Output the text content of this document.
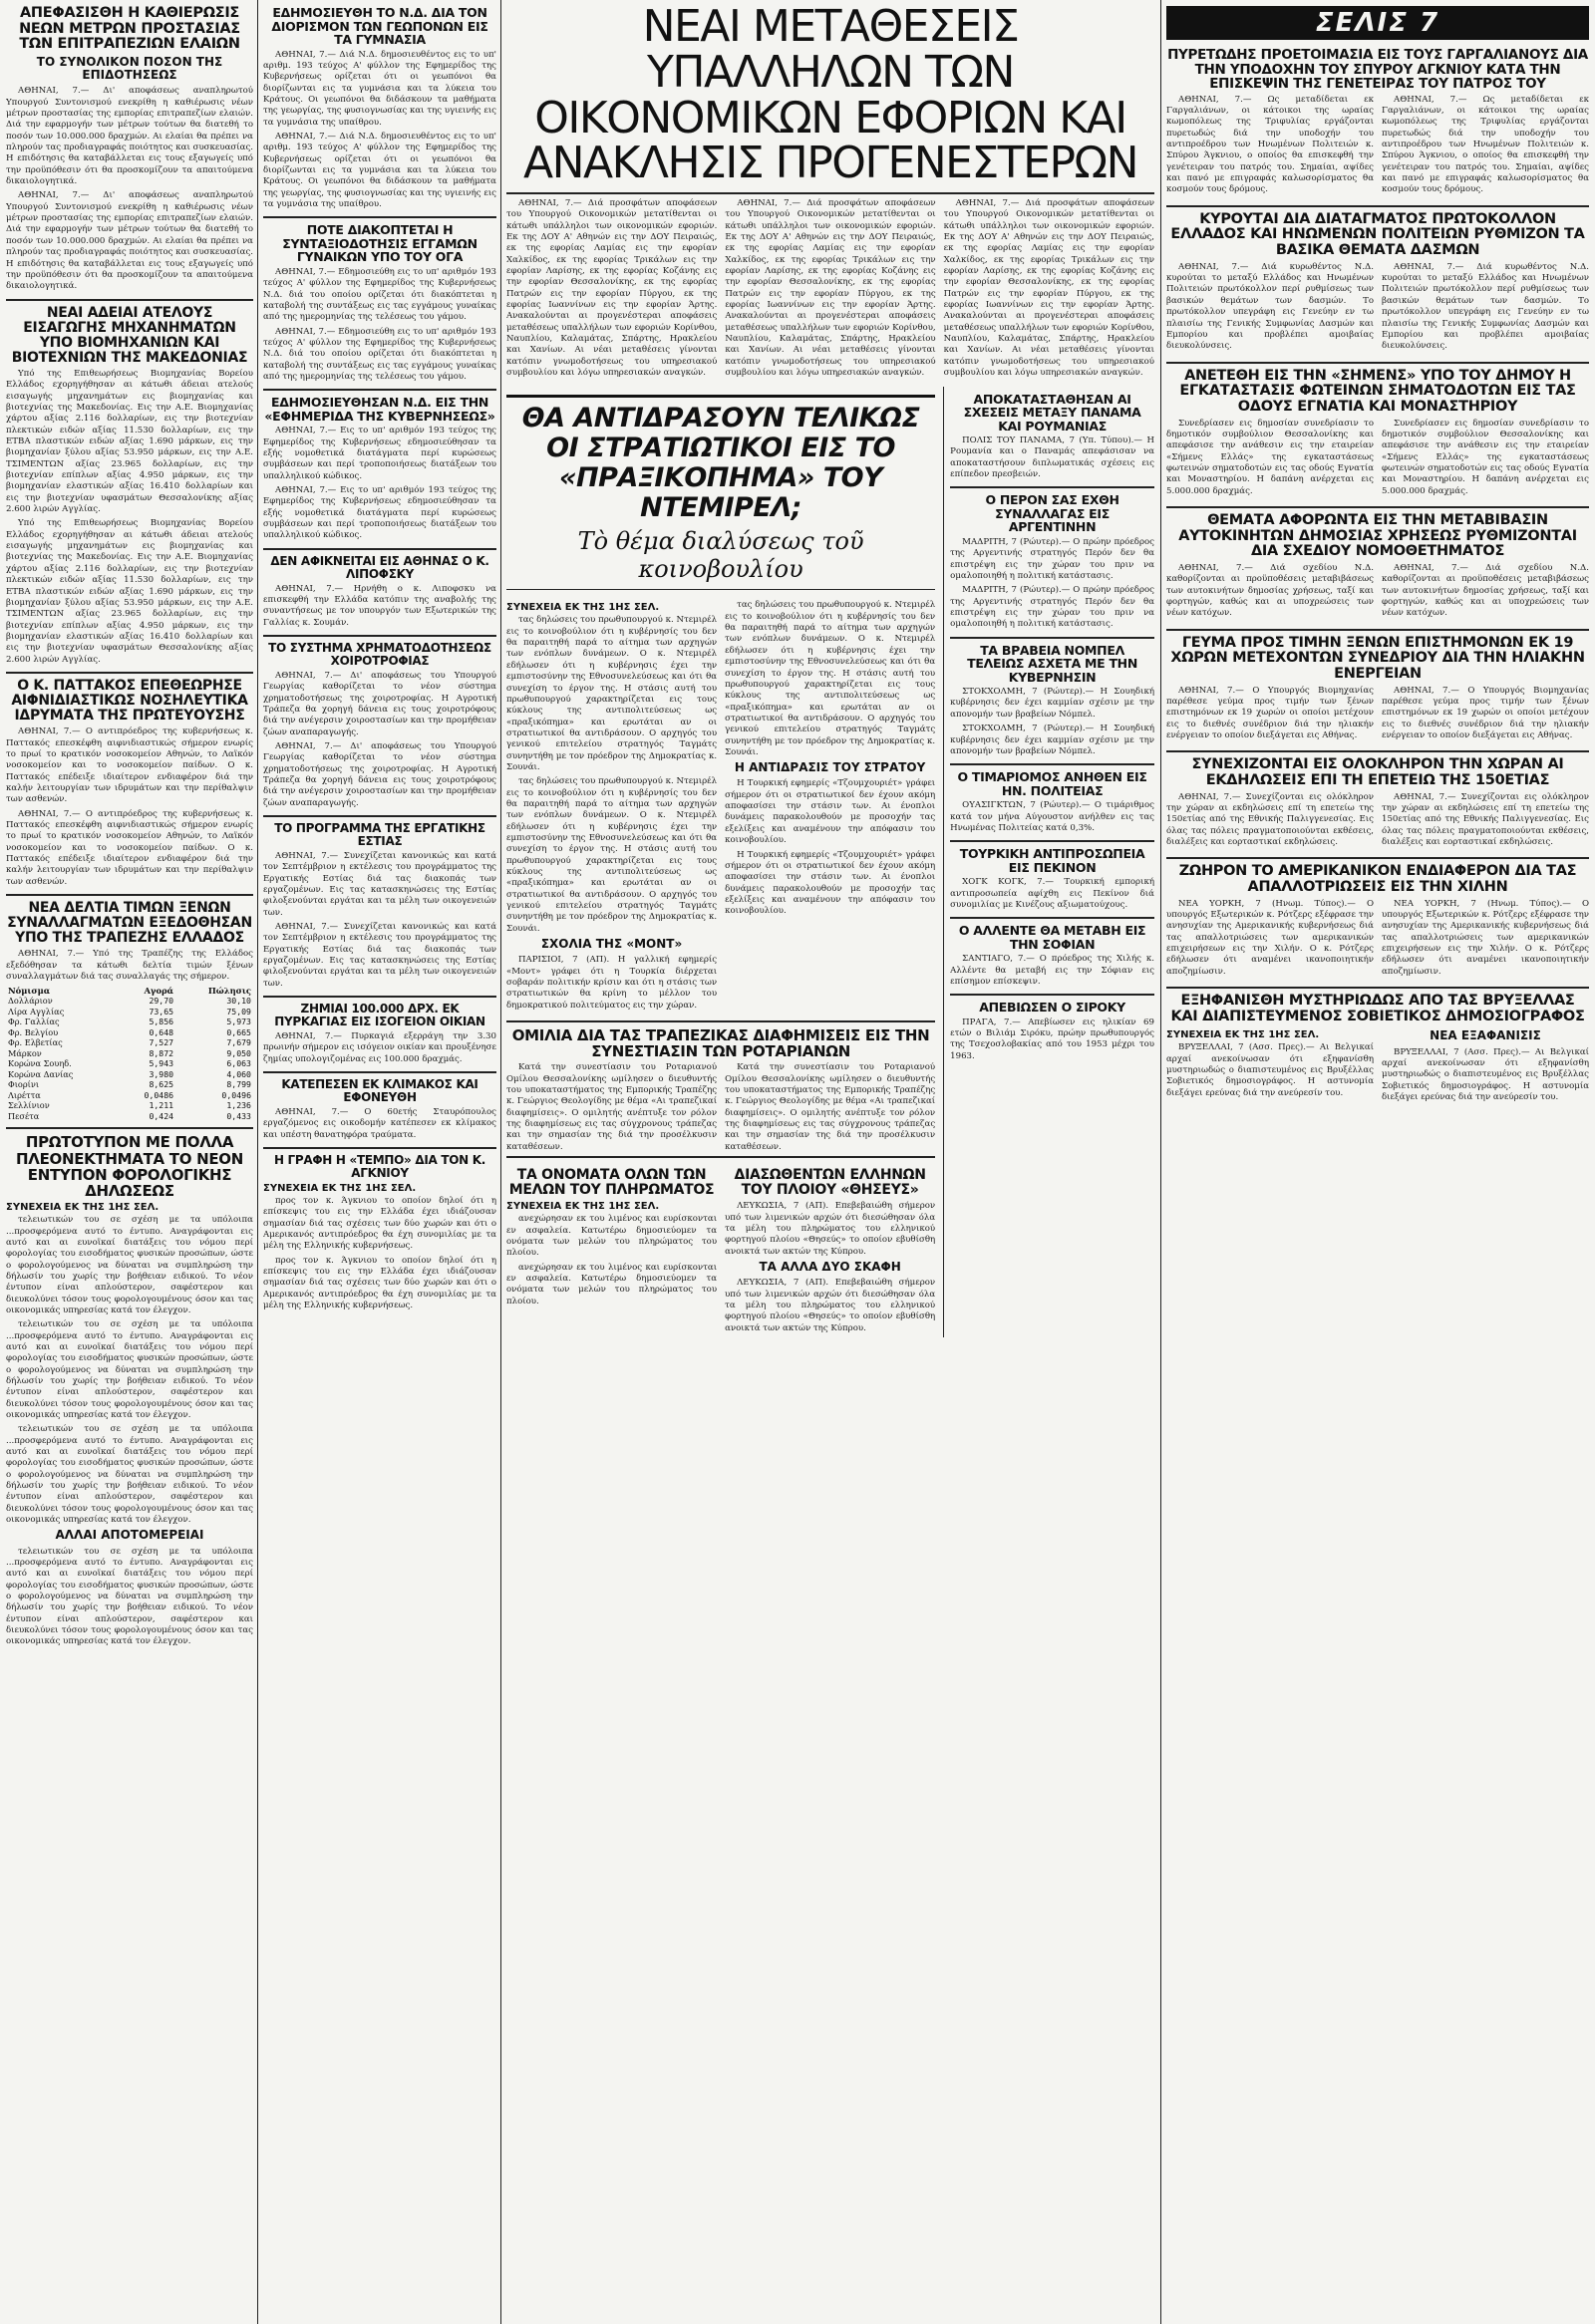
ΑΠΕΦΑΣΙΣΘΗ Η ΚΑΘΙΕΡΩΣΙΣ ΝΕΩΝ ΜΕΤΡΩΝ ΠΡΟΣΤΑΣΙΑΣ ΤΩΝ ΕΠΙΤΡΑΠΕΖΙΩΝ ΕΛΑΙΩΝ
ΤΟ ΣΥΝΟΛΙΚΟΝ ΠΟΣΟΝ ΤΗΣ ΕΠΙΔΟΤΗΣΕΩΣ

ΑΘΗΝΑΙ, 7.— Δι' αποφάσεως αναπληρωτού Υπουργού Συντονισμού ενεκρίθη η καθιέρωσις νέων μέτρων προστασίας της εμπορίας επιτραπεζίων ελαιών. Διά την εφαρμογήν των μέτρων τούτων θα διατεθή το ποσόν των 10.000.000 δραχμών. Αι ελαίαι θα πρέπει να πληρούν τας προδιαγραφάς ποιότητος και συσκευασίας. Η επιδότησις θα καταβάλλεται εις τους εξαγωγείς υπό την προϋπόθεσιν ότι θα προσκομίζουν τα απαιτούμενα δικαιολογητικά.

ΑΘΗΝΑΙ, 7.— Δι' αποφάσεως αναπληρωτού Υπουργού Συντονισμού ενεκρίθη η καθιέρωσις νέων μέτρων προστασίας της εμπορίας επιτραπεζίων ελαιών. Διά την εφαρμογήν των μέτρων τούτων θα διατεθή το ποσόν των 10.000.000 δραχμών. Αι ελαίαι θα πρέπει να πληρούν τας προδιαγραφάς ποιότητος και συσκευασίας. Η επιδότησις θα καταβάλλεται εις τους εξαγωγείς υπό την προϋπόθεσιν ότι θα προσκομίζουν τα απαιτούμενα δικαιολογητικά.

ΝΕΑΙ ΑΔΕΙΑΙ ΑΤΕΛΟΥΣ ΕΙΣΑΓΩΓΗΣ ΜΗΧΑΝΗΜΑΤΩΝ ΥΠΟ ΒΙΟΜΗΧΑΝΙΩΝ ΚΑΙ ΒΙΟΤΕΧΝΙΩΝ ΤΗΣ ΜΑΚΕΔΟΝΙΑΣ

Υπό της Επιθεωρήσεως Βιομηχανίας Βορείου Ελλάδος εχορηγήθησαν αι κάτωθι άδειαι ατελούς εισαγωγής μηχανημάτων εις βιομηχανίας και βιοτεχνίας της Μακεδονίας. Εις την Α.Ε. Βιομηχανίας χάρτου αξίας 2.116 δολλαρίων, εις την βιοτεχνίαν πλεκτικών ειδών αξίας 11.530 δολλαρίων, εις την ΕΤΒΑ πλαστικών ειδών αξίας 1.690 μάρκων, εις την βιομηχανίαν ξύλου αξίας 53.950 μάρκων, εις την Α.Ε. ΤΣΙΜΕΝΤΩΝ αξίας 23.965 δολλαρίων, εις την βιοτεχνίαν επίπλων αξίας 4.950 μάρκων, εις την βιομηχανίαν ελαστικών αξίας 16.410 δολλαρίων και εις την βιοτεχνίαν υφασμάτων Θεσσαλονίκης αξίας 2.600 λιρών Αγγλίας.

Υπό της Επιθεωρήσεως Βιομηχανίας Βορείου Ελλάδος εχορηγήθησαν αι κάτωθι άδειαι ατελούς εισαγωγής μηχανημάτων εις βιομηχανίας και βιοτεχνίας της Μακεδονίας. Εις την Α.Ε. Βιομηχανίας χάρτου αξίας 2.116 δολλαρίων, εις την βιοτεχνίαν πλεκτικών ειδών αξίας 11.530 δολλαρίων, εις την ΕΤΒΑ πλαστικών ειδών αξίας 1.690 μάρκων, εις την βιομηχανίαν ξύλου αξίας 53.950 μάρκων, εις την Α.Ε. ΤΣΙΜΕΝΤΩΝ αξίας 23.965 δολλαρίων, εις την βιοτεχνίαν επίπλων αξίας 4.950 μάρκων, εις την βιομηχανίαν ελαστικών αξίας 16.410 δολλαρίων και εις την βιοτεχνίαν υφασμάτων Θεσσαλονίκης αξίας 2.600 λιρών Αγγλίας.

Ο Κ. ΠΑΤΤΑΚΟΣ ΕΠΕΘΕΩΡΗΣΕ ΑΙΦΝΙΔΙΑΣΤΙΚΩΣ ΝΟΣΗΛΕΥΤΙΚΑ ΙΔΡΥΜΑΤΑ ΤΗΣ ΠΡΩΤΕΥΟΥΣΗΣ

ΑΘΗΝΑΙ, 7.— Ο αντιπρόεδρος της κυβερνήσεως κ. Παττακός επεσκέφθη αιφνιδιαστικώς σήμερον ενωρίς το πρωί το κρατικόν νοσοκομείον Αθηνών, το Λαϊκόν νοσοκομείον και το νοσοκομείον παίδων. Ο κ. Παττακός επέδειξε ιδιαίτερον ενδιαφέρον διά την καλήν λειτουργίαν των ιδρυμάτων και την περίθαλψιν των ασθενών.

ΑΘΗΝΑΙ, 7.— Ο αντιπρόεδρος της κυβερνήσεως κ. Παττακός επεσκέφθη αιφνιδιαστικώς σήμερον ενωρίς το πρωί το κρατικόν νοσοκομείον Αθηνών, το Λαϊκόν νοσοκομείον και το νοσοκομείον παίδων. Ο κ. Παττακός επέδειξε ιδιαίτερον ενδιαφέρον διά την καλήν λειτουργίαν των ιδρυμάτων και την περίθαλψιν των ασθενών.

ΝΕΑ ΔΕΛΤΙΑ ΤΙΜΩΝ ΞΕΝΩΝ ΣΥΝΑΛΛΑΓΜΑΤΩΝ ΕΞΕΔΟΘΗΣΑΝ ΥΠΟ ΤΗΣ ΤΡΑΠΕΖΗΣ ΕΛΛΑΔΟΣ

ΑΘΗΝΑΙ, 7.— Υπό της Τραπέζης της Ελλάδος εξεδόθησαν τα κάτωθι δελτία τιμών ξένων συναλλαγμάτων διά τας συναλλαγάς της σήμερον.

Νόμισμα	Αγορά	Πώλησις
Δολλάριον	29,70	30,10
Λίρα Αγγλίας	73,65	75,09
Φρ. Γαλλίας	5,856	5,973
Φρ. Βελγίου	0,648	0,665
Φρ. Ελβετίας	7,527	7,679
Μάρκον	8,872	9,050
Κορώνα Σουηδ.	5,943	6,063
Κορώνα Δανίας	3,980	4,060
Φιορίνι	8,625	8,799
Λιρέττα	0,0486	0,0496
Σελλίνιον	1,211	1,236
Πεσέτα	0,424	0,433
ΠΡΩΤΟΤΥΠΟΝ ΜΕ ΠΟΛΛΑ ΠΛΕΟΝΕΚΤΗΜΑΤΑ ΤΟ ΝΕΟΝ ΕΝΤΥΠΟΝ ΦΟΡΟΛΟΓΙΚΗΣ ΔΗΛΩΣΕΩΣ
ΣΥΝΕΧΕΙΑ ΕΚ ΤΗΣ 1ΗΣ ΣΕΛ.

τελειωτικών του σε σχέση με τα υπόλοιπα ...προσφερόμενα αυτό το έντυπο. Αναγράφονται εις αυτό και αι ευνοϊκαί διατάξεις του νόμου περί φορολογίας του εισοδήματος φυσικών προσώπων, ώστε ο φορολογούμενος να δύναται να συμπληρώση την δήλωσίν του χωρίς την βοήθειαν ειδικού. Το νέον έντυπον είναι απλούστερον, σαφέστερον και διευκολύνει τόσον τους φορολογουμένους όσον και τας οικονομικάς υπηρεσίας κατά τον έλεγχον.

τελειωτικών του σε σχέση με τα υπόλοιπα ...προσφερόμενα αυτό το έντυπο. Αναγράφονται εις αυτό και αι ευνοϊκαί διατάξεις του νόμου περί φορολογίας του εισοδήματος φυσικών προσώπων, ώστε ο φορολογούμενος να δύναται να συμπληρώση την δήλωσίν του χωρίς την βοήθειαν ειδικού. Το νέον έντυπον είναι απλούστερον, σαφέστερον και διευκολύνει τόσον τους φορολογουμένους όσον και τας οικονομικάς υπηρεσίας κατά τον έλεγχον.

τελειωτικών του σε σχέση με τα υπόλοιπα ...προσφερόμενα αυτό το έντυπο. Αναγράφονται εις αυτό και αι ευνοϊκαί διατάξεις του νόμου περί φορολογίας του εισοδήματος φυσικών προσώπων, ώστε ο φορολογούμενος να δύναται να συμπληρώση την δήλωσίν του χωρίς την βοήθειαν ειδικού. Το νέον έντυπον είναι απλούστερον, σαφέστερον και διευκολύνει τόσον τους φορολογουμένους όσον και τας οικονομικάς υπηρεσίας κατά τον έλεγχον.

ΑΛΛΑΙ ΑΠΟΤΟΜΕΡΕΙΑΙ

τελειωτικών του σε σχέση με τα υπόλοιπα ...προσφερόμενα αυτό το έντυπο. Αναγράφονται εις αυτό και αι ευνοϊκαί διατάξεις του νόμου περί φορολογίας του εισοδήματος φυσικών προσώπων, ώστε ο φορολογούμενος να δύναται να συμπληρώση την δήλωσίν του χωρίς την βοήθειαν ειδικού. Το νέον έντυπον είναι απλούστερον, σαφέστερον και διευκολύνει τόσον τους φορολογουμένους όσον και τας οικονομικάς υπηρεσίας κατά τον έλεγχον.

ΕΔΗΜΟΣΙΕΥΘΗ ΤΟ Ν.Δ. ΔΙΑ ΤΟΝ ΔΙΟΡΙΣΜΟΝ ΤΩΝ ΓΕΩΠΟΝΩΝ ΕΙΣ ΤΑ ΓΥΜΝΑΣΙΑ

ΑΘΗΝΑΙ, 7.— Διά Ν.Δ. δημοσιευθέντος εις το υπ' αριθμ. 193 τεύχος Α' φύλλον της Εφημερίδος της Κυβερνήσεως ορίζεται ότι οι γεωπόνοι θα διορίζωνται εις τα γυμνάσια και τα λύκεια του Κράτους. Οι γεωπόνοι θα διδάσκουν τα μαθήματα της γεωργίας, της φυσιογνωσίας και της υγιεινής εις τα γυμνάσια της υπαίθρου.

ΑΘΗΝΑΙ, 7.— Διά Ν.Δ. δημοσιευθέντος εις το υπ' αριθμ. 193 τεύχος Α' φύλλον της Εφημερίδος της Κυβερνήσεως ορίζεται ότι οι γεωπόνοι θα διορίζωνται εις τα γυμνάσια και τα λύκεια του Κράτους. Οι γεωπόνοι θα διδάσκουν τα μαθήματα της γεωργίας, της φυσιογνωσίας και της υγιεινής εις τα γυμνάσια της υπαίθρου.

ΠΟΤΕ ΔΙΑΚΟΠΤΕΤΑΙ Η ΣΥΝΤΑΞΙΟΔΟΤΗΣΙΣ ΕΓΓΑΜΩΝ ΓΥΝΑΙΚΩΝ ΥΠΟ ΤΟΥ ΟΓΑ

ΑΘΗΝΑΙ, 7.— Εδημοσιεύθη εις το υπ' αριθμόν 193 τεύχος Α' φύλλον της Εφημερίδος της Κυβερνήσεως Ν.Δ. διά του οποίου ορίζεται ότι διακόπτεται η καταβολή της συντάξεως εις τας εγγάμους γυναίκας από της ημερομηνίας της τελέσεως του γάμου.

ΑΘΗΝΑΙ, 7.— Εδημοσιεύθη εις το υπ' αριθμόν 193 τεύχος Α' φύλλον της Εφημερίδος της Κυβερνήσεως Ν.Δ. διά του οποίου ορίζεται ότι διακόπτεται η καταβολή της συντάξεως εις τας εγγάμους γυναίκας από της ημερομηνίας της τελέσεως του γάμου.

ΕΔΗΜΟΣΙΕΥΘΗΣΑΝ Ν.Δ. ΕΙΣ ΤΗΝ «ΕΦΗΜΕΡΙΔΑ ΤΗΣ ΚΥΒΕΡΝΗΣΕΩΣ»

ΑΘΗΝΑΙ, 7.— Εις το υπ' αριθμόν 193 τεύχος της Εφημερίδος της Κυβερνήσεως εδημοσιεύθησαν τα εξής νομοθετικά διατάγματα περί κυρώσεως συμβάσεων και περί τροποποιήσεως διατάξεων του υπαλληλικού κώδικος.

ΑΘΗΝΑΙ, 7.— Εις το υπ' αριθμόν 193 τεύχος της Εφημερίδος της Κυβερνήσεως εδημοσιεύθησαν τα εξής νομοθετικά διατάγματα περί κυρώσεως συμβάσεων και περί τροποποιήσεως διατάξεων του υπαλληλικού κώδικος.

ΔΕΝ ΑΦΙΚΝΕΙΤΑΙ ΕΙΣ ΑΘΗΝΑΣ Ο Κ. ΛΙΠΟΦΣΚΥ

ΑΘΗΝΑΙ, 7.— Ηρνήθη ο κ. Λιποφσκυ να επισκεφθή την Ελλάδα κατόπιν της αναβολής της συναντήσεως με τον υπουργόν των Εξωτερικών της Γαλλίας κ. Σουμάν.

ΤΟ ΣΥΣΤΗΜΑ ΧΡΗΜΑΤΟΔΟΤΗΣΕΩΣ ΧΟΙΡΟΤΡΟΦΙΑΣ

ΑΘΗΝΑΙ, 7.— Δι' αποφάσεως του Υπουργού Γεωργίας καθορίζεται το νέον σύστημα χρηματοδοτήσεως της χοιροτροφίας. Η Αγροτική Τράπεζα θα χορηγή δάνεια εις τους χοιροτρόφους διά την ανέγερσιν χοιροστασίων και την προμήθειαν ζώων αναπαραγωγής.

ΑΘΗΝΑΙ, 7.— Δι' αποφάσεως του Υπουργού Γεωργίας καθορίζεται το νέον σύστημα χρηματοδοτήσεως της χοιροτροφίας. Η Αγροτική Τράπεζα θα χορηγή δάνεια εις τους χοιροτρόφους διά την ανέγερσιν χοιροστασίων και την προμήθειαν ζώων αναπαραγωγής.

ΤΟ ΠΡΟΓΡΑΜΜΑ ΤΗΣ ΕΡΓΑΤΙΚΗΣ ΕΣΤΙΑΣ

ΑΘΗΝΑΙ, 7.— Συνεχίζεται κανονικώς και κατά τον Σεπτέμβριον η εκτέλεσις του προγράμματος της Εργατικής Εστίας διά τας διακοπάς των εργαζομένων. Εις τας κατασκηνώσεις της Εστίας φιλοξενούνται εργάται και τα μέλη των οικογενειών των.

ΑΘΗΝΑΙ, 7.— Συνεχίζεται κανονικώς και κατά τον Σεπτέμβριον η εκτέλεσις του προγράμματος της Εργατικής Εστίας διά τας διακοπάς των εργαζομένων. Εις τας κατασκηνώσεις της Εστίας φιλοξενούνται εργάται και τα μέλη των οικογενειών των.

ΖΗΜΙΑΙ 100.000 ΔΡΧ. ΕΚ ΠΥΡΚΑΓΙΑΣ ΕΙΣ ΙΣΟΓΕΙΟΝ ΟΙΚΙΑΝ

ΑΘΗΝΑΙ, 7.— Πυρκαγιά εξερράγη την 3.30 πρωινήν σήμερον εις ισόγειον οικίαν και προυξένησε ζημίας υπολογιζομένας εις 100.000 δραχμάς.

ΚΑΤΕΠΕΣΕΝ ΕΚ ΚΛΙΜΑΚΟΣ ΚΑΙ ΕΦΟΝΕΥΘΗ

ΑΘΗΝΑΙ, 7.— Ο 60ετής Σταυρόπουλος εργαζόμενος εις οικοδομήν κατέπεσεν εκ κλίμακος και υπέστη θανατηφόρα τραύματα.

Η ΓΡΑΦΗ Η «ΤΕΜΠΟ» ΔΙΑ ΤΟΝ Κ. ΑΓΚΝΙΟΥ
ΣΥΝΕΧΕΙΑ ΕΚ ΤΗΣ 1ΗΣ ΣΕΛ.

προς τον κ. Άγκνιου το οποίον δηλοί ότι η επίσκεψις του εις την Ελλάδα έχει ιδιάζουσαν σημασίαν διά τας σχέσεις των δύο χωρών και ότι ο Αμερικανός αντιπρόεδρος θα έχη συνομιλίας με τα μέλη της Ελληνικής κυβερνήσεως.

προς τον κ. Άγκνιου το οποίον δηλοί ότι η επίσκεψις του εις την Ελλάδα έχει ιδιάζουσαν σημασίαν διά τας σχέσεις των δύο χωρών και ότι ο Αμερικανός αντιπρόεδρος θα έχη συνομιλίας με τα μέλη της Ελληνικής κυβερνήσεως.

ΝΕΑΙ ΜΕΤΑΘΕΣΕΙΣ ΥΠΑΛΛΗΛΩΝ ΤΩΝ ΟΙΚΟΝΟΜΙΚΩΝ ΕΦΟΡΙΩΝ ΚΑΙ ΑΝΑΚΛΗΣΙΣ ΠΡΟΓΕΝΕΣΤΕΡΩΝ

ΑΘΗΝΑΙ, 7.— Διά προσφάτων αποφάσεων του Υπουργού Οικονομικών μετατίθενται οι κάτωθι υπάλληλοι των οικονομικών εφοριών. Εκ της ΔΟΥ Α' Αθηνών εις την ΔΟΥ Πειραιώς, εκ της εφορίας Λαμίας εις την εφορίαν Χαλκίδος, εκ της εφορίας Τρικάλων εις την εφορίαν Λαρίσης, εκ της εφορίας Κοζάνης εις την εφορίαν Θεσσαλονίκης, εκ της εφορίας Πατρών εις την εφορίαν Πύργου, εκ της εφορίας Ιωαννίνων εις την εφορίαν Άρτης. Ανακαλούνται αι προγενέστεραι αποφάσεις μεταθέσεως υπαλλήλων των εφοριών Κορίνθου, Ναυπλίου, Καλαμάτας, Σπάρτης, Ηρακλείου και Χανίων. Αι νέαι μεταθέσεις γίνονται κατόπιν γνωμοδοτήσεως του υπηρεσιακού συμβουλίου και λόγω υπηρεσιακών αναγκών.

ΑΘΗΝΑΙ, 7.— Διά προσφάτων αποφάσεων του Υπουργού Οικονομικών μετατίθενται οι κάτωθι υπάλληλοι των οικονομικών εφοριών. Εκ της ΔΟΥ Α' Αθηνών εις την ΔΟΥ Πειραιώς, εκ της εφορίας Λαμίας εις την εφορίαν Χαλκίδος, εκ της εφορίας Τρικάλων εις την εφορίαν Λαρίσης, εκ της εφορίας Κοζάνης εις την εφορίαν Θεσσαλονίκης, εκ της εφορίας Πατρών εις την εφορίαν Πύργου, εκ της εφορίας Ιωαννίνων εις την εφορίαν Άρτης. Ανακαλούνται αι προγενέστεραι αποφάσεις μεταθέσεως υπαλλήλων των εφοριών Κορίνθου, Ναυπλίου, Καλαμάτας, Σπάρτης, Ηρακλείου και Χανίων. Αι νέαι μεταθέσεις γίνονται κατόπιν γνωμοδοτήσεως του υπηρεσιακού συμβουλίου και λόγω υπηρεσιακών αναγκών.

ΑΘΗΝΑΙ, 7.— Διά προσφάτων αποφάσεων του Υπουργού Οικονομικών μετατίθενται οι κάτωθι υπάλληλοι των οικονομικών εφοριών. Εκ της ΔΟΥ Α' Αθηνών εις την ΔΟΥ Πειραιώς, εκ της εφορίας Λαμίας εις την εφορίαν Χαλκίδος, εκ της εφορίας Τρικάλων εις την εφορίαν Λαρίσης, εκ της εφορίας Κοζάνης εις την εφορίαν Θεσσαλονίκης, εκ της εφορίας Πατρών εις την εφορίαν Πύργου, εκ της εφορίας Ιωαννίνων εις την εφορίαν Άρτης. Ανακαλούνται αι προγενέστεραι αποφάσεις μεταθέσεως υπαλλήλων των εφοριών Κορίνθου, Ναυπλίου, Καλαμάτας, Σπάρτης, Ηρακλείου και Χανίων. Αι νέαι μεταθέσεις γίνονται κατόπιν γνωμοδοτήσεως του υπηρεσιακού συμβουλίου και λόγω υπηρεσιακών αναγκών.

ΘΑ ΑΝΤΙΔΡΑΣΟΥΝ ΤΕΛΙΚΩΣ ΟΙ ΣΤΡΑΤΙΩΤΙΚΟΙ ΕΙΣ ΤΟ «ΠΡΑΞΙΚΟΠΗΜΑ» ΤΟΥ ΝΤΕΜΙΡΕΛ;
Τὸ θέμα διαλύσεως τοῦ κοινοβουλίου
ΣΥΝΕΧΕΙΑ ΕΚ ΤΗΣ 1ΗΣ ΣΕΛ.

τας δηλώσεις του πρωθυπουργού κ. Ντεμιρέλ εις το κοινοβούλιον ότι η κυβέρνησίς του δεν θα παραιτηθή παρά το αίτημα των αρχηγών των ενόπλων δυνάμεων. Ο κ. Ντεμιρέλ εδήλωσεν ότι η κυβέρνησις έχει την εμπιστοσύνην της Εθνοσυνελεύσεως και ότι θα συνεχίση το έργον της. Η στάσις αυτή του πρωθυπουργού χαρακτηρίζεται εις τους κύκλους της αντιπολιτεύσεως ως «πραξικόπημα» και ερωτάται αν οι στρατιωτικοί θα αντιδράσουν. Ο αρχηγός του γενικού επιτελείου στρατηγός Ταγμάτς συνηντήθη με τον πρόεδρον της Δημοκρατίας κ. Σουνάι.

τας δηλώσεις του πρωθυπουργού κ. Ντεμιρέλ εις το κοινοβούλιον ότι η κυβέρνησίς του δεν θα παραιτηθή παρά το αίτημα των αρχηγών των ενόπλων δυνάμεων. Ο κ. Ντεμιρέλ εδήλωσεν ότι η κυβέρνησις έχει την εμπιστοσύνην της Εθνοσυνελεύσεως και ότι θα συνεχίση το έργον της. Η στάσις αυτή του πρωθυπουργού χαρακτηρίζεται εις τους κύκλους της αντιπολιτεύσεως ως «πραξικόπημα» και ερωτάται αν οι στρατιωτικοί θα αντιδράσουν. Ο αρχηγός του γενικού επιτελείου στρατηγός Ταγμάτς συνηντήθη με τον πρόεδρον της Δημοκρατίας κ. Σουνάι.

ΣΧΟΛΙΑ ΤΗΣ «ΜΟΝΤ»

ΠΑΡΙΣΙΟΙ, 7 (ΑΠ). Η γαλλική εφημερίς «Μοντ» γράφει ότι η Τουρκία διέρχεται σοβαράν πολιτικήν κρίσιν και ότι η στάσις των στρατιωτικών θα κρίνη το μέλλον του δημοκρατικού πολιτεύματος εις την χώραν.

τας δηλώσεις του πρωθυπουργού κ. Ντεμιρέλ εις το κοινοβούλιον ότι η κυβέρνησίς του δεν θα παραιτηθή παρά το αίτημα των αρχηγών των ενόπλων δυνάμεων. Ο κ. Ντεμιρέλ εδήλωσεν ότι η κυβέρνησις έχει την εμπιστοσύνην της Εθνοσυνελεύσεως και ότι θα συνεχίση το έργον της. Η στάσις αυτή του πρωθυπουργού χαρακτηρίζεται εις τους κύκλους της αντιπολιτεύσεως ως «πραξικόπημα» και ερωτάται αν οι στρατιωτικοί θα αντιδράσουν. Ο αρχηγός του γενικού επιτελείου στρατηγός Ταγμάτς συνηντήθη με τον πρόεδρον της Δημοκρατίας κ. Σουνάι.

Η ΑΝΤΙΔΡΑΣΙΣ ΤΟΥ ΣΤΡΑΤΟΥ

Η Τουρκική εφημερίς «Τζουμχουριέτ» γράφει σήμερον ότι οι στρατιωτικοί δεν έχουν ακόμη αποφασίσει την στάσιν των. Αι ένοπλοι δυνάμεις παρακολουθούν με προσοχήν τας εξελίξεις και αναμένουν την απόφασιν του κοινοβουλίου.

Η Τουρκική εφημερίς «Τζουμχουριέτ» γράφει σήμερον ότι οι στρατιωτικοί δεν έχουν ακόμη αποφασίσει την στάσιν των. Αι ένοπλοι δυνάμεις παρακολουθούν με προσοχήν τας εξελίξεις και αναμένουν την απόφασιν του κοινοβουλίου.

ΟΜΙΛΙΑ ΔΙΑ ΤΑΣ ΤΡΑΠΕΖΙΚΑΣ ΔΙΑΦΗΜΙΣΕΙΣ ΕΙΣ ΤΗΝ ΣΥΝΕΣΤΙΑΣΙΝ ΤΩΝ ΡΟΤΑΡΙΑΝΩΝ

Κατά την συνεστίασιν του Ροταριανού Ομίλου Θεσσαλονίκης ωμίλησεν ο διευθυντής του υποκαταστήματος της Εμπορικής Τραπέζης κ. Γεώργιος Θεολογίδης με θέμα «Αι τραπεζικαί διαφημίσεις». Ο ομιλητής ανέπτυξε τον ρόλον της διαφημίσεως εις τας σύγχρονους τράπεζας και την σημασίαν της διά την προσέλκυσιν καταθέσεων.

Κατά την συνεστίασιν του Ροταριανού Ομίλου Θεσσαλονίκης ωμίλησεν ο διευθυντής του υποκαταστήματος της Εμπορικής Τραπέζης κ. Γεώργιος Θεολογίδης με θέμα «Αι τραπεζικαί διαφημίσεις». Ο ομιλητής ανέπτυξε τον ρόλον της διαφημίσεως εις τας σύγχρονους τράπεζας και την σημασίαν της διά την προσέλκυσιν καταθέσεων.

ΤΑ ΟΝΟΜΑΤΑ ΟΛΩΝ ΤΩΝ ΜΕΛΩΝ ΤΟΥ ΠΛΗΡΩΜΑΤΟΣ
ΣΥΝΕΧΕΙΑ ΕΚ ΤΗΣ 1ΗΣ ΣΕΛ.

ανεχώρησαν εκ του λιμένος και ευρίσκονται εν ασφαλεία. Κατωτέρω δημοσιεύομεν τα ονόματα των μελών του πληρώματος του πλοίου.

ανεχώρησαν εκ του λιμένος και ευρίσκονται εν ασφαλεία. Κατωτέρω δημοσιεύομεν τα ονόματα των μελών του πληρώματος του πλοίου.

ΔΙΑΣΩΘΕΝΤΩΝ ΕΛΛΗΝΩΝ ΤΟΥ ΠΛΟΙΟΥ «ΘΗΣΕΥΣ»

ΛΕΥΚΩΣΙΑ, 7 (ΑΠ). Επεβεβαιώθη σήμερον υπό των λιμενικών αρχών ότι διεσώθησαν όλα τα μέλη του πληρώματος του ελληνικού φορτηγού πλοίου «Θησεύς» το οποίον εβυθίσθη ανοικτά των ακτών της Κύπρου.

ΤΑ ΑΛΛΑ ΔΥΟ ΣΚΑΦΗ

ΛΕΥΚΩΣΙΑ, 7 (ΑΠ). Επεβεβαιώθη σήμερον υπό των λιμενικών αρχών ότι διεσώθησαν όλα τα μέλη του πληρώματος του ελληνικού φορτηγού πλοίου «Θησεύς» το οποίον εβυθίσθη ανοικτά των ακτών της Κύπρου.

ΑΠΟΚΑΤΑΣΤΑΘΗΣΑΝ ΑΙ ΣΧΕΣΕΙΣ ΜΕΤΑΞΥ ΠΑΝΑΜΑ ΚΑΙ ΡΟΥΜΑΝΙΑΣ

ΠΟΛΙΣ ΤΟΥ ΠΑΝΑΜΑ, 7 (Υπ. Τύπου).— Η Ρουμανία και ο Παναμάς απεφάσισαν να αποκαταστήσουν διπλωματικάς σχέσεις εις επίπεδον πρεσβειών.

Ο ΠΕΡΟΝ ΣΑΣ ΕΧΘΗ ΣΥΝΑΛΛΑΓΑΣ ΕΙΣ ΑΡΓΕΝΤΙΝΗΝ

ΜΑΔΡΙΤΗ, 7 (Ρώυτερ).— Ο πρώην πρόεδρος της Αργεντινής στρατηγός Περόν δεν θα επιστρέψη εις την χώραν του πριν να ομαλοποιηθή η πολιτική κατάστασις.

ΜΑΔΡΙΤΗ, 7 (Ρώυτερ).— Ο πρώην πρόεδρος της Αργεντινής στρατηγός Περόν δεν θα επιστρέψη εις την χώραν του πριν να ομαλοποιηθή η πολιτική κατάστασις.

ΤΑ ΒΡΑΒΕΙΑ ΝΟΜΠΕΛ ΤΕΛΕΙΩΣ ΑΣΧΕΤΑ ΜΕ ΤΗΝ ΚΥΒΕΡΝΗΣΙΝ

ΣΤΟΚΧΟΛΜΗ, 7 (Ρώυτερ).— Η Σουηδική κυβέρνησις δεν έχει καμμίαν σχέσιν με την απονομήν των βραβείων Νόμπελ.

ΣΤΟΚΧΟΛΜΗ, 7 (Ρώυτερ).— Η Σουηδική κυβέρνησις δεν έχει καμμίαν σχέσιν με την απονομήν των βραβείων Νόμπελ.

Ο ΤΙΜΑΡΙΟΜΟΣ ΑΝΗΘΕΝ ΕΙΣ ΗΝ. ΠΟΛΙΤΕΙΑΣ

ΟΥΑΣΙΓΚΤΩΝ, 7 (Ρώυτερ).— Ο τιμάριθμος κατά τον μήνα Αύγουστον ανήλθεν εις τας Ηνωμένας Πολιτείας κατά 0,3%.

ΤΟΥΡΚΙΚΗ ΑΝΤΙΠΡΟΣΩΠΕΙΑ ΕΙΣ ΠΕΚΙΝΟΝ

ΧΟΓΚ ΚΟΓΚ, 7.— Τουρκική εμπορική αντιπροσωπεία αφίχθη εις Πεκίνον διά συνομιλίας με Κινέζους αξιωματούχους.

Ο ΑΛΛΕΝΤΕ ΘΑ ΜΕΤΑΒΗ ΕΙΣ ΤΗΝ ΣΟΦΙΑΝ

ΣΑΝΤΙΑΓΟ, 7.— Ο πρόεδρος της Χιλής κ. Αλλέντε θα μεταβή εις την Σόφιαν εις επίσημον επίσκεψιν.

ΑΠΕΒΙΩΣΕΝ Ο ΣΙΡΟΚΥ

ΠΡΑΓΑ, 7.— Απεβίωσεν εις ηλικίαν 69 ετών ο Βιλιάμ Σιρόκυ, πρώην πρωθυπουργός της Τσεχοσλοβακίας από του 1953 μέχρι του 1963.

ΣΕΛΙΣ 7
ΠΥΡΕΤΩΔΗΣ ΠΡΟΕΤΟΙΜΑΣΙΑ ΕΙΣ ΤΟΥΣ ΓΑΡΓΑΛΙΑΝΟΥΣ ΔΙΑ ΤΗΝ ΥΠΟΔΟΧΗΝ ΤΟΥ ΣΠΥΡΟΥ ΑΓΚΝΙΟΥ ΚΑΤΑ ΤΗΝ ΕΠΙΣΚΕΨΙΝ ΤΗΣ ΓΕΝΕΤΕΙΡΑΣ ΤΟΥ ΠΑΤΡΟΣ ΤΟΥ

ΑΘΗΝΑΙ, 7.— Ως μεταδίδεται εκ Γαργαλιάνων, οι κάτοικοι της ωραίας κωμοπόλεως της Τριφυλίας εργάζονται πυρετωδώς διά την υποδοχήν του αντιπροέδρου των Ηνωμένων Πολιτειών κ. Σπύρου Άγκνιου, ο οποίος θα επισκεφθή την γενέτειραν του πατρός του. Σημαίαι, αψίδες και πανό με επιγραφάς καλωσορίσματος θα κοσμούν τους δρόμους.

ΑΘΗΝΑΙ, 7.— Ως μεταδίδεται εκ Γαργαλιάνων, οι κάτοικοι της ωραίας κωμοπόλεως της Τριφυλίας εργάζονται πυρετωδώς διά την υποδοχήν του αντιπροέδρου των Ηνωμένων Πολιτειών κ. Σπύρου Άγκνιου, ο οποίος θα επισκεφθή την γενέτειραν του πατρός του. Σημαίαι, αψίδες και πανό με επιγραφάς καλωσορίσματος θα κοσμούν τους δρόμους.

ΚΥΡΟΥΤΑΙ ΔΙΑ ΔΙΑΤΑΓΜΑΤΟΣ ΠΡΩΤΟΚΟΛΛΟΝ ΕΛΛΑΔΟΣ ΚΑΙ ΗΝΩΜΕΝΩΝ ΠΟΛΙΤΕΙΩΝ ΡΥΘΜΙΖΟΝ ΤΑ ΒΑΣΙΚΑ ΘΕΜΑΤΑ ΔΑΣΜΩΝ

ΑΘΗΝΑΙ, 7.— Διά κυρωθέντος Ν.Δ. κυρούται το μεταξύ Ελλάδος και Ηνωμένων Πολιτειών πρωτόκολλον περί ρυθμίσεως των βασικών θεμάτων των δασμών. Το πρωτόκολλον υπεγράφη εις Γενεύην εν τω πλαισίω της Γενικής Συμφωνίας Δασμών και Εμπορίου και προβλέπει αμοιβαίας διευκολύνσεις.

ΑΘΗΝΑΙ, 7.— Διά κυρωθέντος Ν.Δ. κυρούται το μεταξύ Ελλάδος και Ηνωμένων Πολιτειών πρωτόκολλον περί ρυθμίσεως των βασικών θεμάτων των δασμών. Το πρωτόκολλον υπεγράφη εις Γενεύην εν τω πλαισίω της Γενικής Συμφωνίας Δασμών και Εμπορίου και προβλέπει αμοιβαίας διευκολύνσεις.

ΑΝΕΤΕΘΗ ΕΙΣ ΤΗΝ «ΣΗΜΕΝΣ» ΥΠΟ ΤΟΥ ΔΗΜΟΥ Η ΕΓΚΑΤΑΣΤΑΣΙΣ ΦΩΤΕΙΝΩΝ ΣΗΜΑΤΟΔΟΤΩΝ ΕΙΣ ΤΑΣ ΟΔΟΥΣ ΕΓΝΑΤΙΑ ΚΑΙ ΜΟΝΑΣΤΗΡΙΟΥ

Συνεδρίασεν εις δημοσίαν συνεδρίασιν το δημοτικόν συμβούλιον Θεσσαλονίκης και απεφάσισε την ανάθεσιν εις την εταιρείαν «Σήμενς Ελλάς» της εγκαταστάσεως φωτεινών σηματοδοτών εις τας οδούς Εγνατία και Μοναστηρίου. Η δαπάνη ανέρχεται εις 5.000.000 δραχμάς.

Συνεδρίασεν εις δημοσίαν συνεδρίασιν το δημοτικόν συμβούλιον Θεσσαλονίκης και απεφάσισε την ανάθεσιν εις την εταιρείαν «Σήμενς Ελλάς» της εγκαταστάσεως φωτεινών σηματοδοτών εις τας οδούς Εγνατία και Μοναστηρίου. Η δαπάνη ανέρχεται εις 5.000.000 δραχμάς.

ΘΕΜΑΤΑ ΑΦΟΡΩΝΤΑ ΕΙΣ ΤΗΝ ΜΕΤΑΒΙΒΑΣΙΝ ΑΥΤΟΚΙΝΗΤΩΝ ΔΗΜΟΣΙΑΣ ΧΡΗΣΕΩΣ ΡΥΘΜΙΖΟΝΤΑΙ ΔΙΑ ΣΧΕΔΙΟΥ ΝΟΜΟΘΕΤΗΜΑΤΟΣ

ΑΘΗΝΑΙ, 7.— Διά σχεδίου Ν.Δ. καθορίζονται αι προϋποθέσεις μεταβιβάσεως των αυτοκινήτων δημοσίας χρήσεως, ταξί και φορτηγών, καθώς και αι υποχρεώσεις των νέων κατόχων.

ΑΘΗΝΑΙ, 7.— Διά σχεδίου Ν.Δ. καθορίζονται αι προϋποθέσεις μεταβιβάσεως των αυτοκινήτων δημοσίας χρήσεως, ταξί και φορτηγών, καθώς και αι υποχρεώσεις των νέων κατόχων.

ΓΕΥΜΑ ΠΡΟΣ ΤΙΜΗΝ ΞΕΝΩΝ ΕΠΙΣΤΗΜΟΝΩΝ ΕΚ 19 ΧΩΡΩΝ ΜΕΤΕΧΟΝΤΩΝ ΣΥΝΕΔΡΙΟΥ ΔΙΑ ΤΗΝ ΗΛΙΑΚΗΝ ΕΝΕΡΓΕΙΑΝ

ΑΘΗΝΑΙ, 7.— Ο Υπουργός Βιομηχανίας παρέθεσε γεύμα προς τιμήν των ξένων επιστημόνων εκ 19 χωρών οι οποίοι μετέχουν εις το διεθνές συνέδριον διά την ηλιακήν ενέργειαν το οποίον διεξάγεται εις Αθήνας.

ΑΘΗΝΑΙ, 7.— Ο Υπουργός Βιομηχανίας παρέθεσε γεύμα προς τιμήν των ξένων επιστημόνων εκ 19 χωρών οι οποίοι μετέχουν εις το διεθνές συνέδριον διά την ηλιακήν ενέργειαν το οποίον διεξάγεται εις Αθήνας.

ΣΥΝΕΧΙΖΟΝΤΑΙ ΕΙΣ ΟΛΟΚΛΗΡΟΝ ΤΗΝ ΧΩΡΑΝ ΑΙ ΕΚΔΗΛΩΣΕΙΣ ΕΠΙ ΤΗ ΕΠΕΤΕΙΩ ΤΗΣ 150ΕΤΙΑΣ

ΑΘΗΝΑΙ, 7.— Συνεχίζονται εις ολόκληρον την χώραν αι εκδηλώσεις επί τη επετείω της 150ετίας από της Εθνικής Παλιγγενεσίας. Εις όλας τας πόλεις πραγματοποιούνται εκθέσεις, διαλέξεις και εορταστικαί εκδηλώσεις.

ΑΘΗΝΑΙ, 7.— Συνεχίζονται εις ολόκληρον την χώραν αι εκδηλώσεις επί τη επετείω της 150ετίας από της Εθνικής Παλιγγενεσίας. Εις όλας τας πόλεις πραγματοποιούνται εκθέσεις, διαλέξεις και εορταστικαί εκδηλώσεις.

ΖΩΗΡΟΝ ΤΟ ΑΜΕΡΙΚΑΝΙΚΟΝ ΕΝΔΙΑΦΕΡΟΝ ΔΙΑ ΤΑΣ ΑΠΑΛΛΟΤΡΙΩΣΕΙΣ ΕΙΣ ΤΗΝ ΧΙΛΗΝ

ΝΕΑ ΥΟΡΚΗ, 7 (Ηνωμ. Τύπος).— Ο υπουργός Εξωτερικών κ. Ρότζερς εξέφρασε την ανησυχίαν της Αμερικανικής κυβερνήσεως διά τας απαλλοτριώσεις των αμερικανικών επιχειρήσεων εις την Χιλήν. Ο κ. Ρότζερς εδήλωσεν ότι αναμένει ικανοποιητικήν αποζημίωσιν.

ΝΕΑ ΥΟΡΚΗ, 7 (Ηνωμ. Τύπος).— Ο υπουργός Εξωτερικών κ. Ρότζερς εξέφρασε την ανησυχίαν της Αμερικανικής κυβερνήσεως διά τας απαλλοτριώσεις των αμερικανικών επιχειρήσεων εις την Χιλήν. Ο κ. Ρότζερς εδήλωσεν ότι αναμένει ικανοποιητικήν αποζημίωσιν.

ΕΞΗΦΑΝΙΣΘΗ ΜΥΣΤΗΡΙΩΔΩΣ ΑΠΟ ΤΑΣ ΒΡΥΞΕΛΛΑΣ ΚΑΙ ΔΙΑΠΙΣΤΕΥΜΕΝΟΣ ΣΟΒΙΕΤΙΚΟΣ ΔΗΜΟΣΙΟΓΡΑΦΟΣ
ΣΥΝΕΧΕΙΑ ΕΚ ΤΗΣ 1ΗΣ ΣΕΛ.

ΒΡΥΞΕΛΛΑΙ, 7 (Ασσ. Πρες).— Αι Βελγικαί αρχαί ανεκοίνωσαν ότι εξηφανίσθη μυστηριωδώς ο διαπιστευμένος εις Βρυξέλλας Σοβιετικός δημοσιογράφος. Η αστυνομία διεξάγει ερεύνας διά την ανεύρεσίν του.

ΝΕΑ ΕΞΑΦΑΝΙΣΙΣ

ΒΡΥΞΕΛΛΑΙ, 7 (Ασσ. Πρες).— Αι Βελγικαί αρχαί ανεκοίνωσαν ότι εξηφανίσθη μυστηριωδώς ο διαπιστευμένος εις Βρυξέλλας Σοβιετικός δημοσιογράφος. Η αστυνομία διεξάγει ερεύνας διά την ανεύρεσίν του.
